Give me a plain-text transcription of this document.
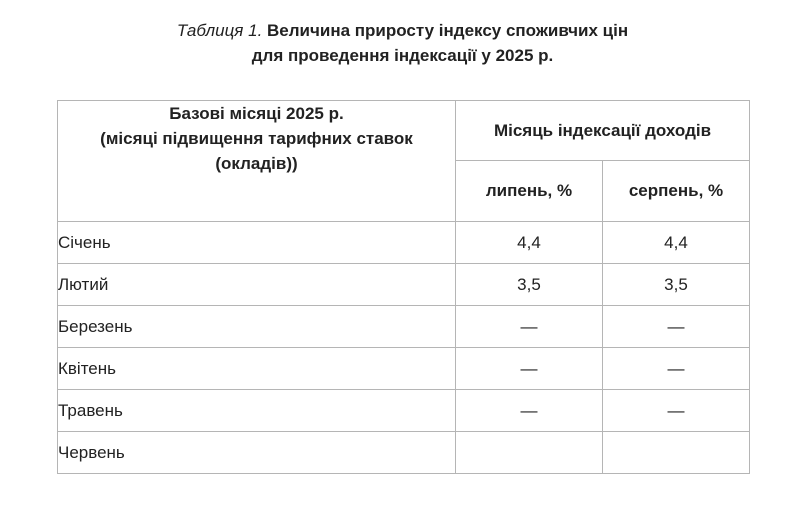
Таблиця 1. Величина приросту індексу споживчих цін
для проведення індексації у 2025 р.
Базові місяці 2025 р.
(місяці підвищення тарифних ставок
(окладів))	Місяць індексації доходів	
	липень, %	серпень, %
Січень	4,4	4,4
Лютий	3,5	3,5
Березень	—	—
Квітень	—	—
Травень	—	—
Червень		
